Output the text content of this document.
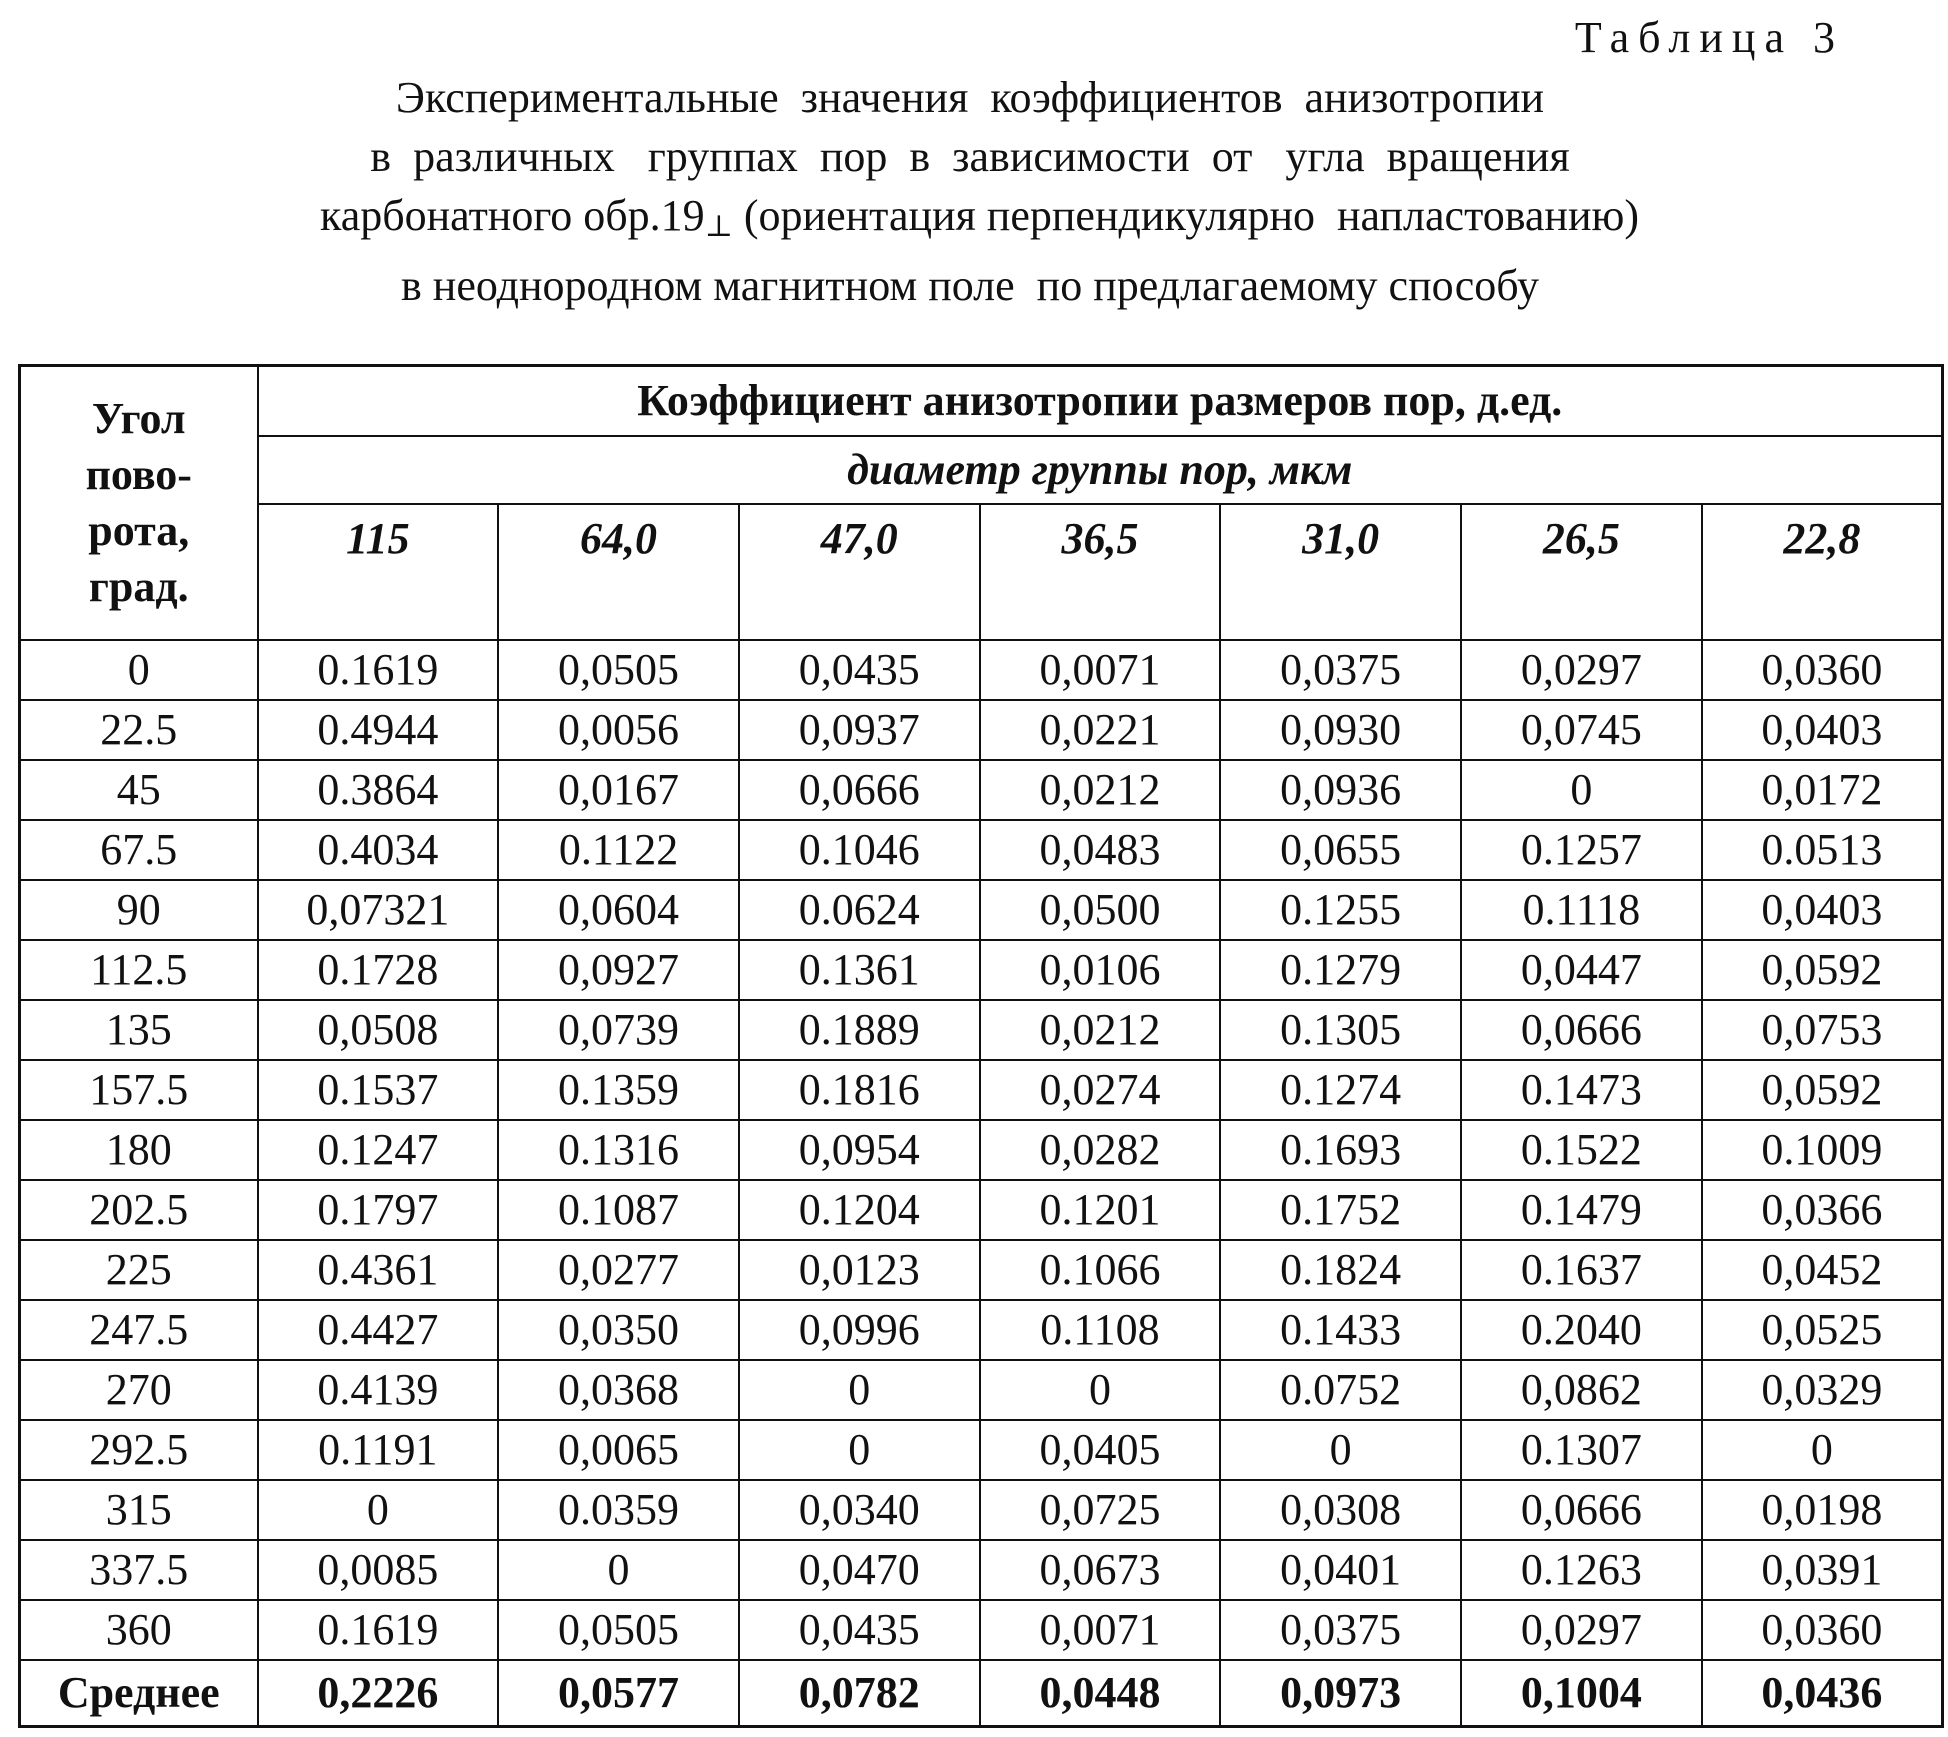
Таблица 3
Экспериментальные  значения  коэффициентов  анизотропии
в  различных   группах  пор  в  зависимости  от   угла  вращения
карбонатного обр.19⊥ (ориентация перпендикулярно  напластованию)
в неоднородном магнитном поле  по предлагаемому способу
Угол
пово-
рота,
град.
	Коэффициент анизотропии размеров пор, д.ед.
диаметр группы пор, мкм
115	64,0	47,0	36,5	31,0	26,5	22,8
0	0.1619	0,0505	0,0435	0,0071	0,0375	0,0297	0,0360
22.5	0.4944	0,0056	0,0937	0,0221	0,0930	0,0745	0,0403
45	0.3864	0,0167	0,0666	0,0212	0,0936	0	0,0172
67.5	0.4034	0.1122	0.1046	0,0483	0,0655	0.1257	0.0513
90	0,07321	0,0604	0.0624	0,0500	0.1255	0.1118	0,0403
112.5	0.1728	0,0927	0.1361	0,0106	0.1279	0,0447	0,0592
135	0,0508	0,0739	0.1889	0,0212	0.1305	0,0666	0,0753
157.5	0.1537	0.1359	0.1816	0,0274	0.1274	0.1473	0,0592
180	0.1247	0.1316	0,0954	0,0282	0.1693	0.1522	0.1009
202.5	0.1797	0.1087	0.1204	0.1201	0.1752	0.1479	0,0366
225	0.4361	0,0277	0,0123	0.1066	0.1824	0.1637	0,0452
247.5	0.4427	0,0350	0,0996	0.1108	0.1433	0.2040	0,0525
270	0.4139	0,0368	0	0	0.0752	0,0862	0,0329
292.5	0.1191	0,0065	0	0,0405	0	0.1307	0
315	0	0.0359	0,0340	0,0725	0,0308	0,0666	0,0198
337.5	0,0085	0	0,0470	0,0673	0,0401	0.1263	0,0391
360	0.1619	0,0505	0,0435	0,0071	0,0375	0,0297	0,0360
Среднее	0,2226	0,0577	0,0782	0,0448	0,0973	0,1004	0,0436
